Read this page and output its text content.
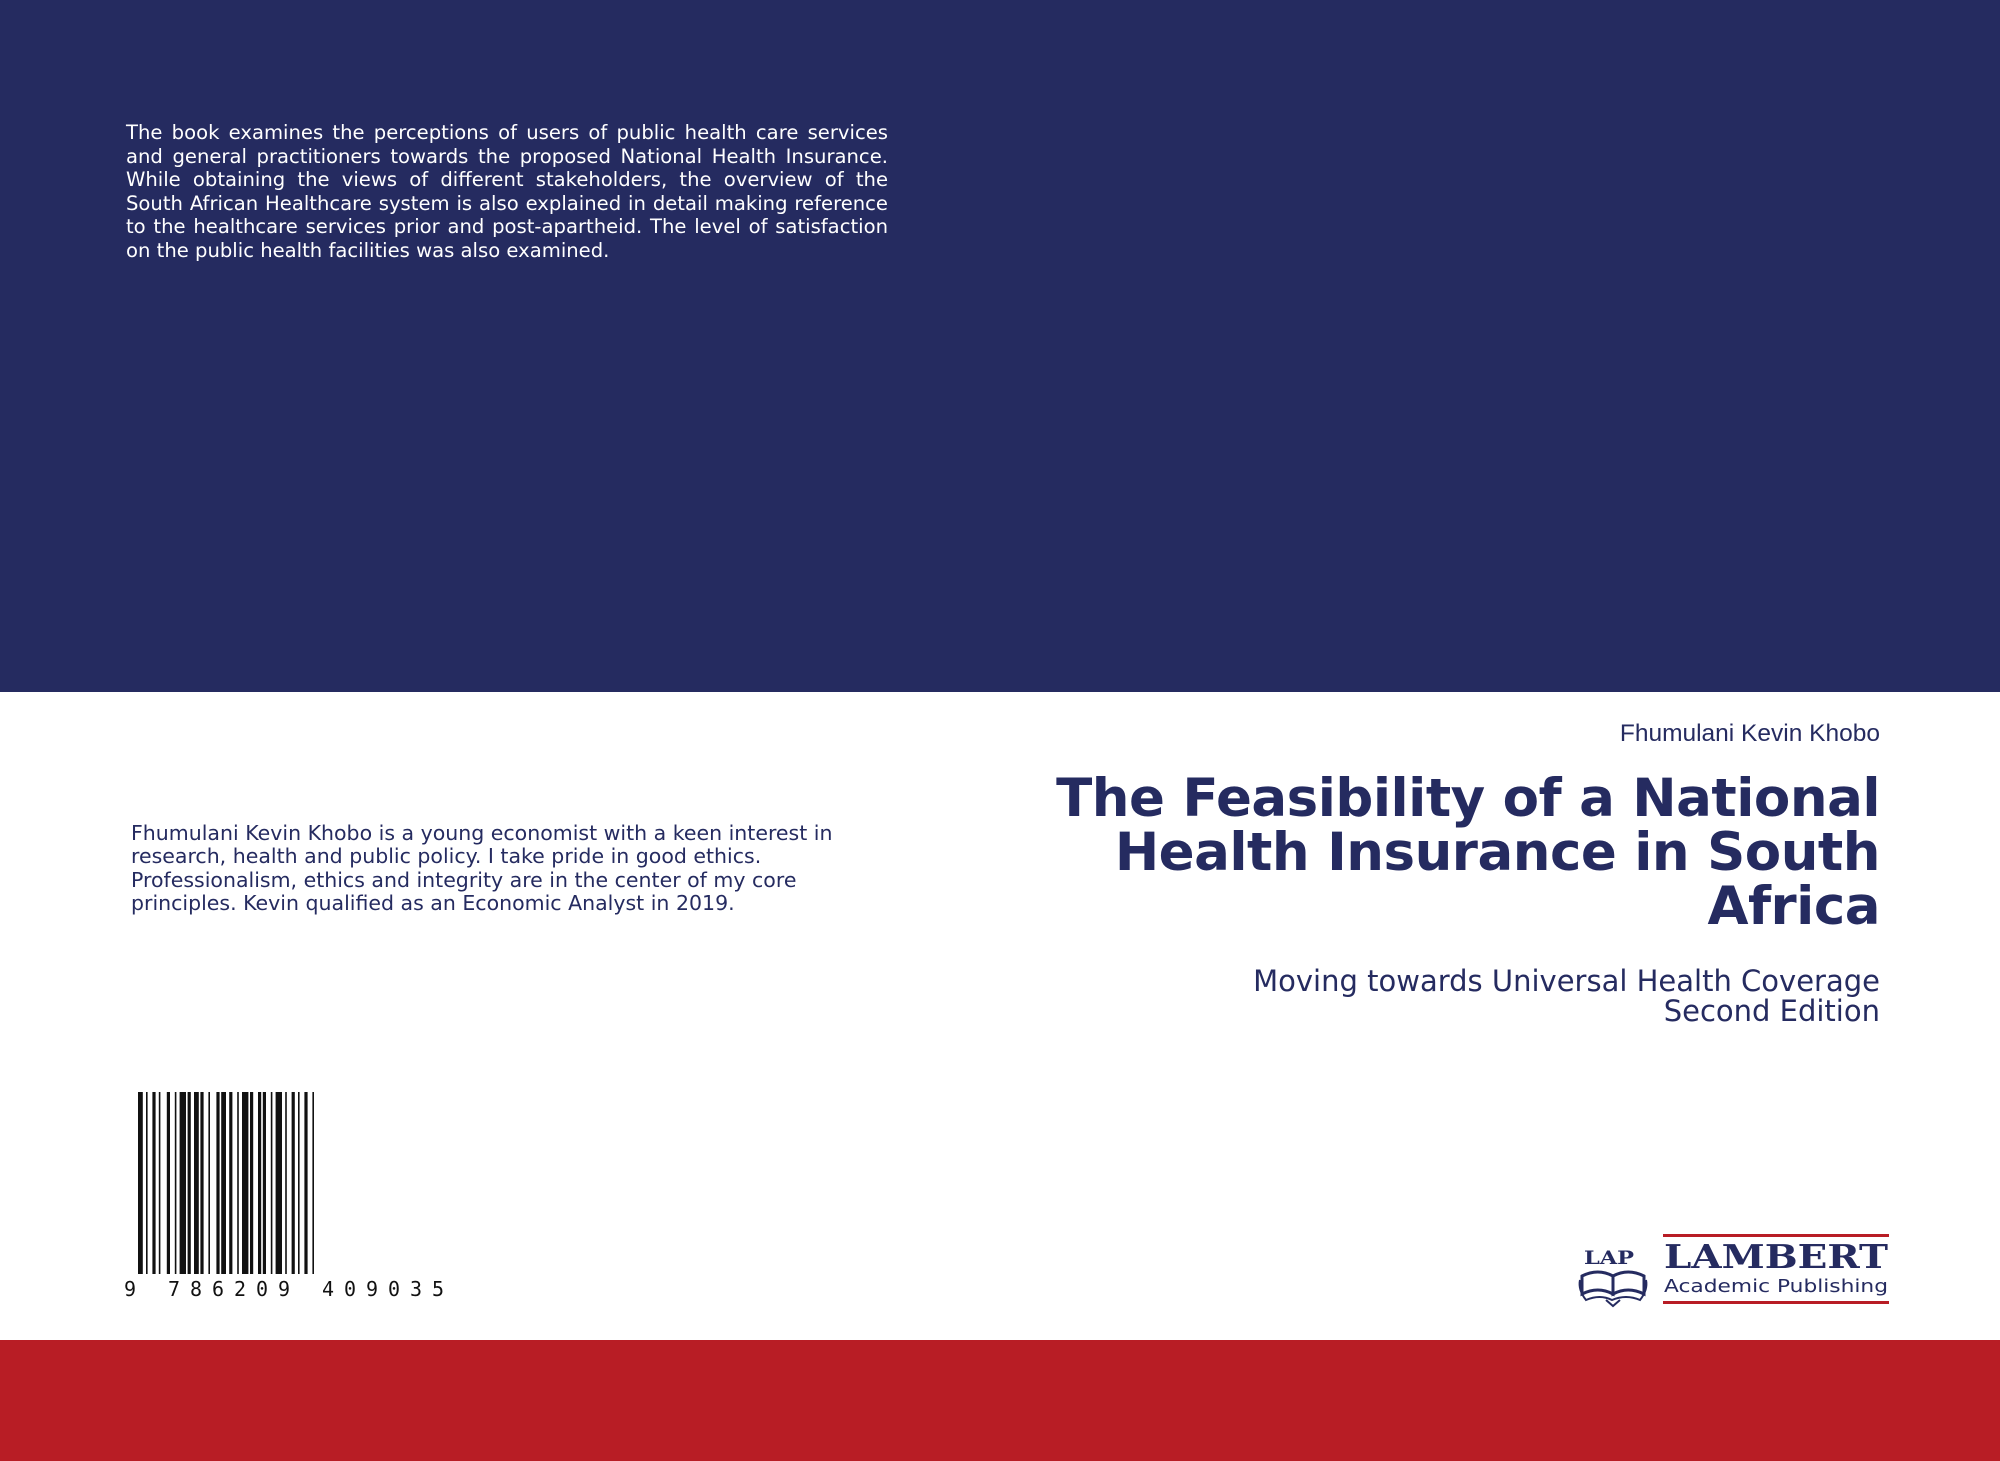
The book examines the perceptions of users of public health care services and general practitioners towards the proposed National Health Insurance. While obtaining the views of different stakeholders, the overview of the South African Healthcare system is also explained in detail making reference to the healthcare services prior and post-apartheid. The level of satisfaction on the public health facilities was also examined.

Fhumulani Kevin Khobo is a young economist with a keen interest in research, health and public policy. I take pride in good ethics. Professionalism, ethics and integrity are in the center of my core principles. Kevin qualified as an Economic Analyst in 2019.

Fhumulani Kevin Khobo

The Feasibility of a National Health Insurance in South Africa

Moving towards Universal Health Coverage
Second Edition

9 786209 409035
LAP LAMBERT
Academic Publishing
